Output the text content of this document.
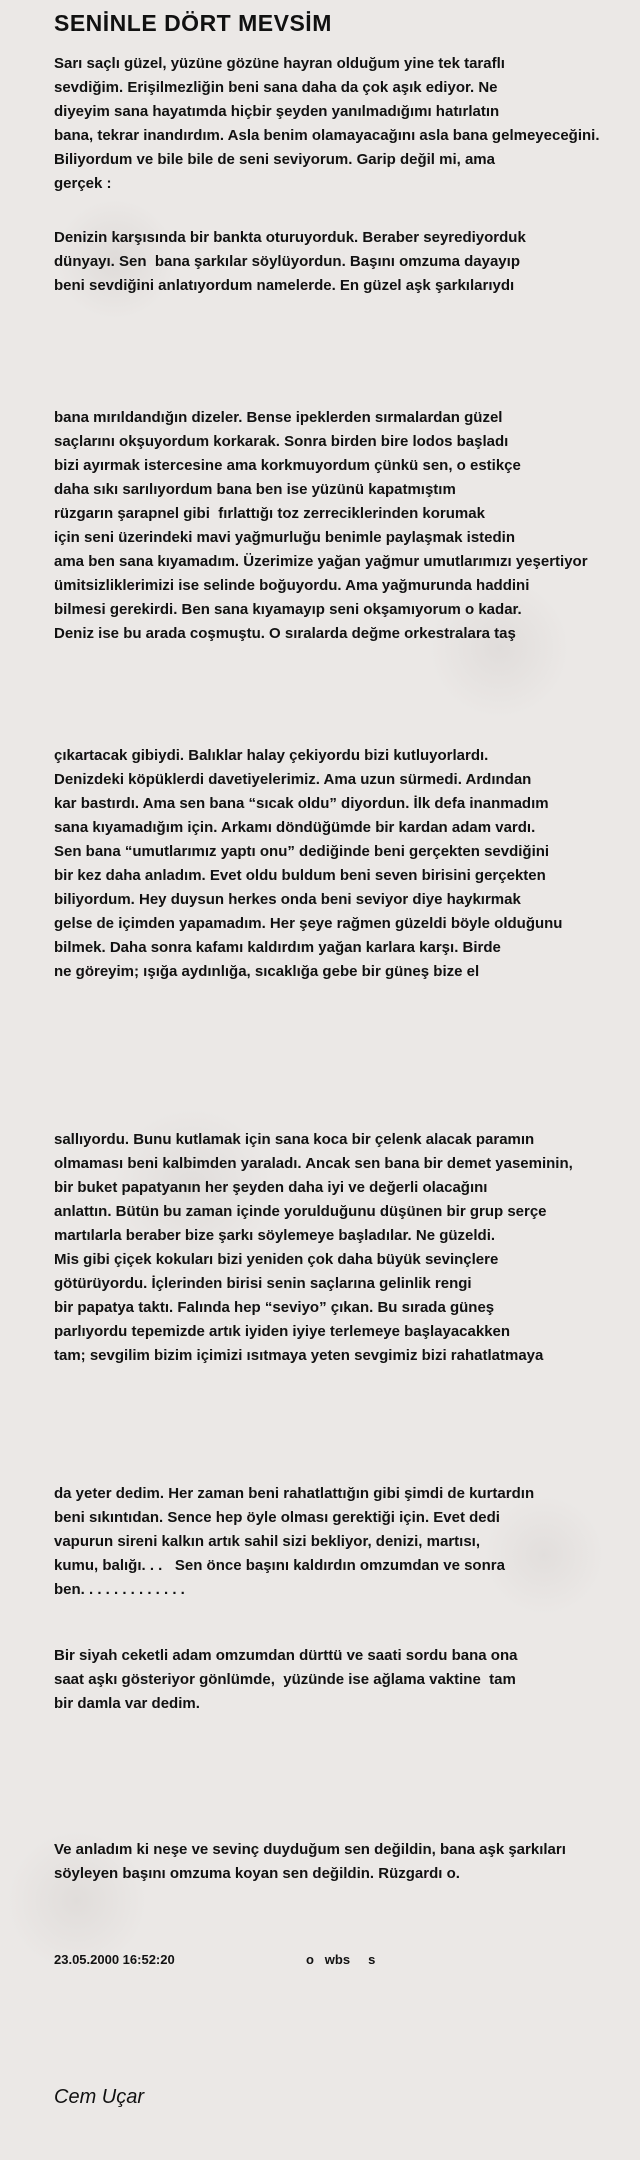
SENİNLE DÖRT MEVSİM
Sarı saçlı güzel, yüzüne gözüne hayran olduğum yine tek taraflı
sevdiğim. Erişilmezliğin beni sana daha da çok aşık ediyor. Ne
diyeyim sana hayatımda hiçbir şeyden yanılmadığımı hatırlatın
bana, tekrar inandırdım. Asla benim olamayacağını asla bana gelmeyeceğini.
Biliyordum ve bile bile de seni seviyorum. Garip değil mi, ama
gerçek :
Denizin karşısında bir bankta oturuyorduk. Beraber seyrediyorduk
dünyayı. Sen  bana şarkılar söylüyordun. Başını omzuma dayayıp
beni sevdiğini anlatıyordum namelerde. En güzel aşk şarkılarıydı
bana mırıldandığın dizeler. Bense ipeklerden sırmalardan güzel
saçlarını okşuyordum korkarak. Sonra birden bire lodos başladı
bizi ayırmak istercesine ama korkmuyordum çünkü sen, o estikçe
daha sıkı sarılıyordum bana ben ise yüzünü kapatmıştım
rüzgarın şarapnel gibi  fırlattığı toz zerreciklerinden korumak
için seni üzerindeki mavi yağmurluğu benimle paylaşmak istedin
ama ben sana kıyamadım. Üzerimize yağan yağmur umutlarımızı yeşertiyor
ümitsizliklerimizi ise selinde boğuyordu. Ama yağmurunda haddini
bilmesi gerekirdi. Ben sana kıyamayıp seni okşamıyorum o kadar.
Deniz ise bu arada coşmuştu. O sıralarda değme orkestralara taş
çıkartacak gibiydi. Balıklar halay çekiyordu bizi kutluyorlardı.
Denizdeki köpüklerdi davetiyelerimiz. Ama uzun sürmedi. Ardından
kar bastırdı. Ama sen bana “sıcak oldu” diyordun. İlk defa inanmadım
sana kıyamadığım için. Arkamı döndüğümde bir kardan adam vardı.
Sen bana “umutlarımız yaptı onu” dediğinde beni gerçekten sevdiğini
bir kez daha anladım. Evet oldu buldum beni seven birisini gerçekten
biliyordum. Hey duysun herkes onda beni seviyor diye haykırmak
gelse de içimden yapamadım. Her şeye rağmen güzeldi böyle olduğunu
bilmek. Daha sonra kafamı kaldırdım yağan karlara karşı. Birde
ne göreyim; ışığa aydınlığa, sıcaklığa gebe bir güneş bize el
sallıyordu. Bunu kutlamak için sana koca bir çelenk alacak paramın
olmaması beni kalbimden yaraladı. Ancak sen bana bir demet yaseminin,
bir buket papatyanın her şeyden daha iyi ve değerli olacağını
anlattın. Bütün bu zaman içinde yorulduğunu düşünen bir grup serçe
martılarla beraber bize şarkı söylemeye başladılar. Ne güzeldi.
Mis gibi çiçek kokuları bizi yeniden çok daha büyük sevinçlere
götürüyordu. İçlerinden birisi senin saçlarına gelinlik rengi
bir papatya taktı. Falında hep “seviyo” çıkan. Bu sırada güneş
parlıyordu tepemizde artık iyiden iyiye terlemeye başlayacakken
tam; sevgilim bizim içimizi ısıtmaya yeten sevgimiz bizi rahatlatmaya
da yeter dedim. Her zaman beni rahatlattığın gibi şimdi de kurtardın
beni sıkıntıdan. Sence hep öyle olması gerektiği için. Evet dedi
vapurun sireni kalkın artık sahil sizi bekliyor, denizi, martısı,
kumu, balığı. . .   Sen önce başını kaldırdın omzumdan ve sonra
ben. . . . . . . . . . . . .
Bir siyah ceketli adam omzumdan dürttü ve saati sordu bana ona
saat aşkı gösteriyor gönlümde,  yüzünde ise ağlama vaktine  tam
bir damla var dedim.
Ve anladım ki neşe ve sevinç duyduğum sen değildin, bana aşk şarkıları
söyleyen başını omzuma koyan sen değildin. Rüzgardı o.
23.05.2000 16:52:20	o   wbs     s
Cem Uçar
